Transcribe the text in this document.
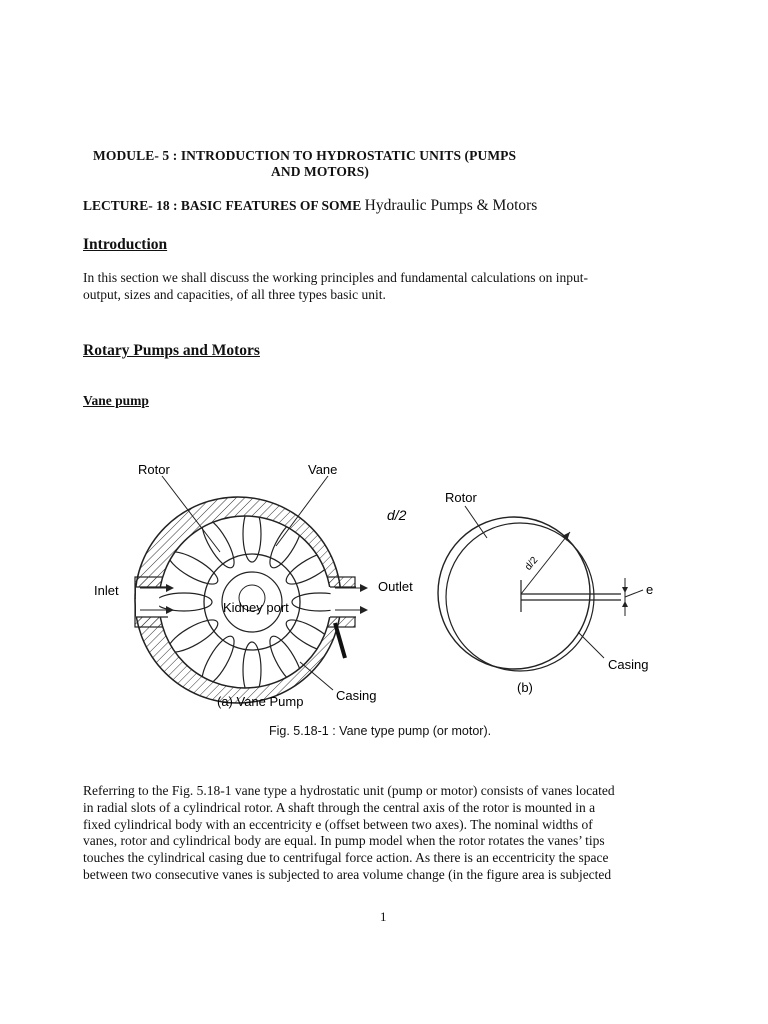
MODULE- 5 : INTRODUCTION TO HYDROSTATIC UNITS (PUMPS
AND MOTORS)
LECTURE- 18 : BASIC FEATURES OF SOME Hydraulic Pumps & Motors
Introduction
In this section we shall discuss the working principles and fundamental calculations on input-
output, sizes and capacities, of all three types basic unit.
Rotary Pumps and Motors
Vane pump
Rotor	Vane
Inlet	Outlet
Kidney port
Casing
(a) Vane Pump
d/2
d/2
e
Rotor
Casing
(b)
Fig. 5.18-1 : Vane type pump (or motor).
Referring to the Fig. 5.18-1 vane type a hydrostatic unit (pump or motor) consists of vanes located
in radial slots of a cylindrical rotor. A shaft through the central axis of the rotor is mounted in a
fixed cylindrical body with an eccentricity e (offset between two axes). The nominal widths of
vanes, rotor and cylindrical body are equal. In pump model when the rotor rotates the vanes’ tips
touches the cylindrical casing due to centrifugal force action. As there is an eccentricity the space
between two consecutive vanes is subjected to area volume change (in the figure area is subjected
1
